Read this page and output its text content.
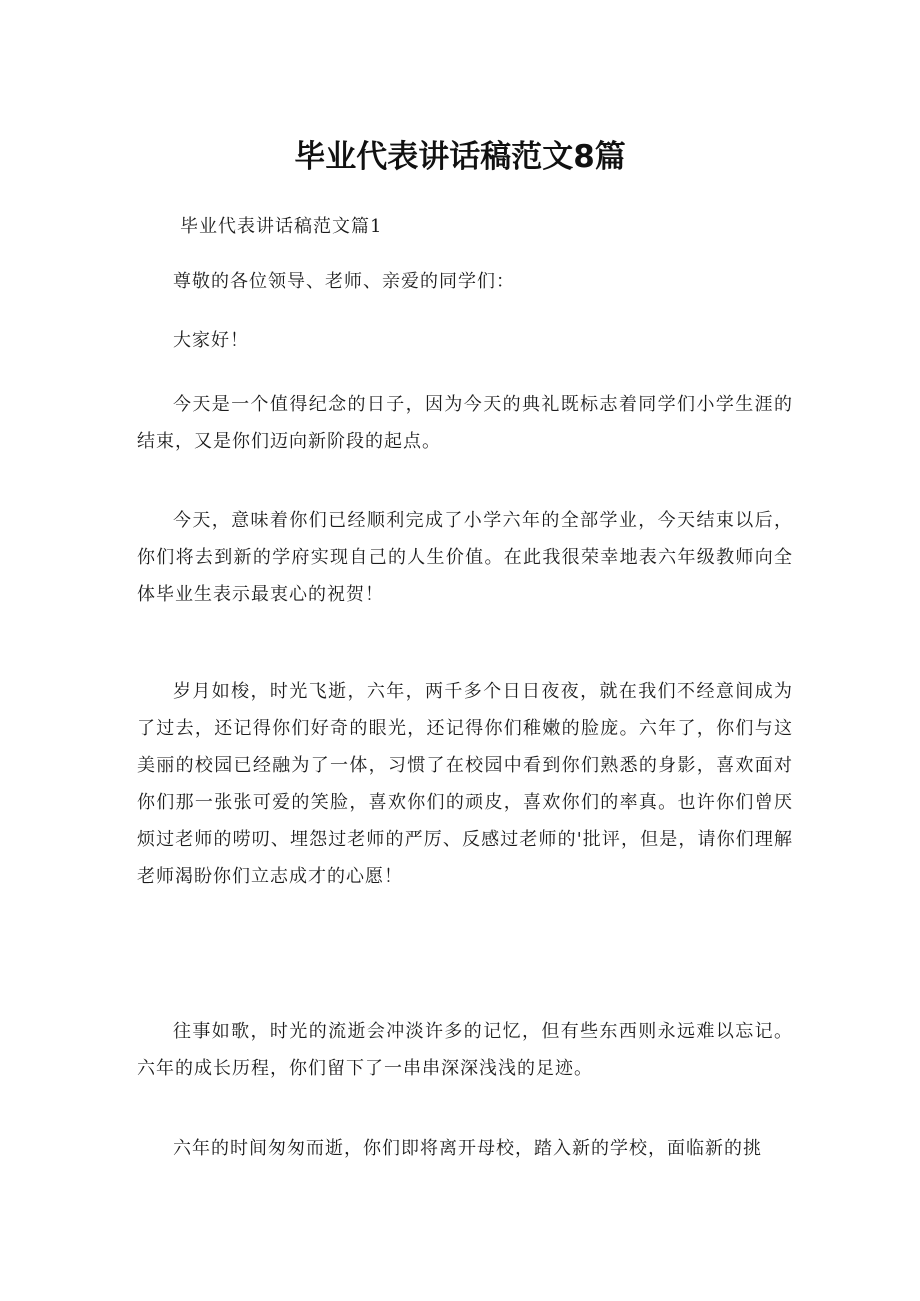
毕业代表讲话稿范文8篇

毕业代表讲话稿范文篇1

尊敬的各位领导、老师、亲爱的同学们：

大家好！

今天是一个值得纪念的日子，因为今天的典礼既标志着同学们小学生涯的结束，又是你们迈向新阶段的起点。

今天，意味着你们已经顺利完成了小学六年的全部学业，今天结束以后，你们将去到新的学府实现自己的人生价值。在此我很荣幸地表六年级教师向全体毕业生表示最衷心的祝贺！

岁月如梭，时光飞逝，六年，两千多个日日夜夜，就在我们不经意间成为了过去，还记得你们好奇的眼光，还记得你们稚嫩的脸庞。六年了，你们与这美丽的校园已经融为了一体，习惯了在校园中看到你们熟悉的身影，喜欢面对你们那一张张可爱的笑脸，喜欢你们的顽皮，喜欢你们的率真。也许你们曾厌烦过老师的唠叨、埋怨过老师的严厉、反感过老师的'批评，但是，请你们理解老师渴盼你们立志成才的心愿！

往事如歌，时光的流逝会冲淡许多的记忆，但有些东西则永远难以忘记。六年的成长历程，你们留下了一串串深深浅浅的足迹。

六年的时间匆匆而逝，你们即将离开母校，踏入新的学校，面临新的挑
